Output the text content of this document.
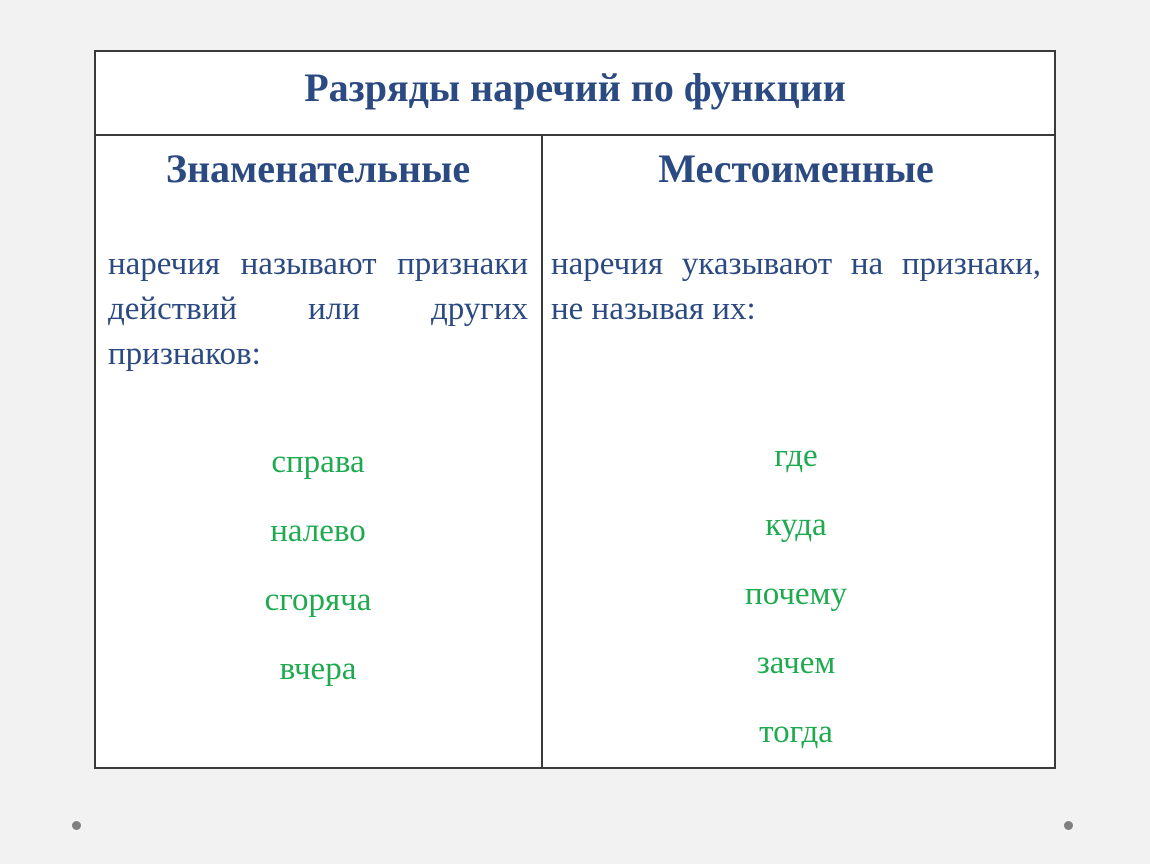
Разряды наречий по функции
Знаменательные
наречия называют признаки действий или других признаков:
справа
налево
сгоряча
вчера
Местоименные
наречия указывают на признаки, не называя их:
где
куда
почему
зачем
тогда
